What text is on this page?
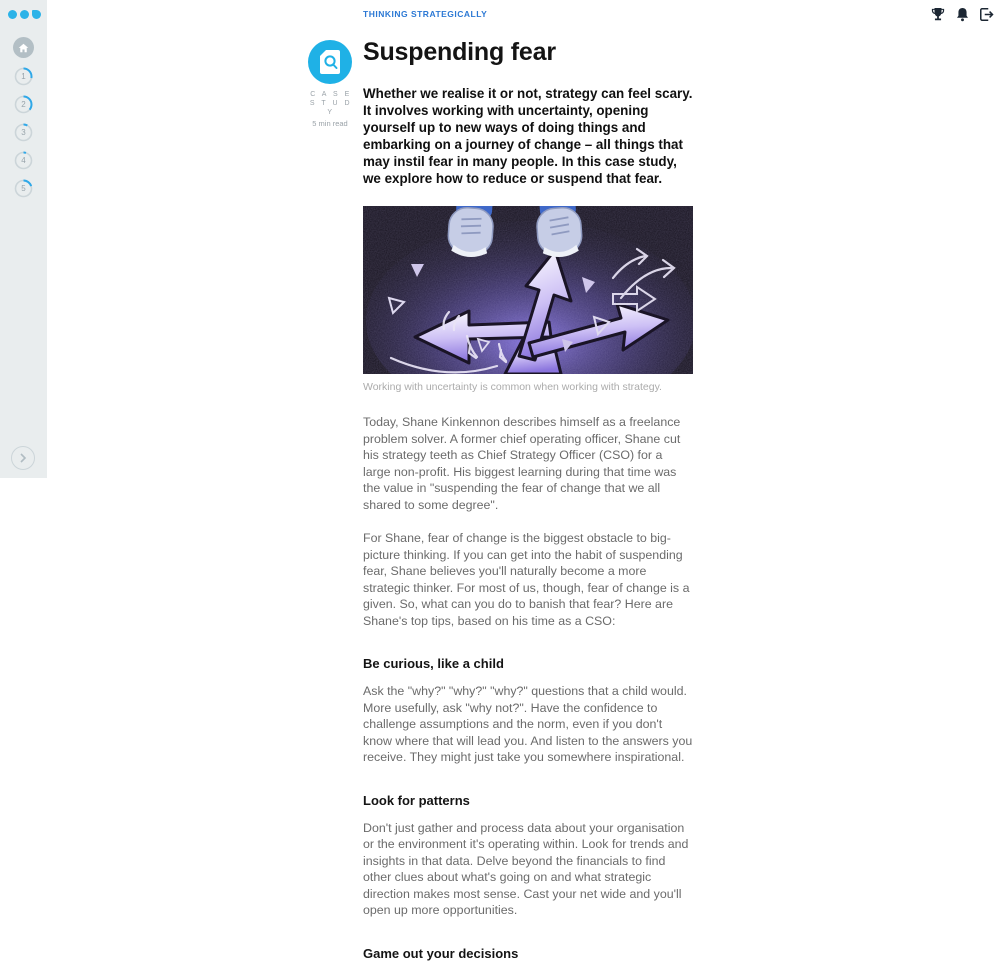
THINKING STRATEGICALLY
1
2
3
4
5
C A S E
S T U D Y
5 min read
Suspending fear

Whether we realise it or not, strategy can feel scary. It involves working with uncertainty, opening yourself up to new ways of doing things and embarking on a journey of change – all things that may instil fear in many people. In this case study, we explore how to reduce or suspend that fear.

Working with uncertainty is common when working with strategy.

Today, Shane Kinkennon describes himself as a freelance problem solver. A former chief operating officer, Shane cut his strategy teeth as Chief Strategy Officer (CSO) for a large non-profit. His biggest learning during that time was the value in "suspending the fear of change that we all shared to some degree".

For Shane, fear of change is the biggest obstacle to big-picture thinking. If you can get into the habit of suspending fear, Shane believes you'll naturally become a more strategic thinker. For most of us, though, fear of change is a given. So, what can you do to banish that fear? Here are Shane's top tips, based on his time as a CSO:

Be curious, like a child

Ask the "why?" "why?" "why?" questions that a child would. More usefully, ask "why not?". Have the confidence to challenge assumptions and the norm, even if you don't know where that will lead you. And listen to the answers you receive. They might just take you somewhere inspirational.

Look for patterns

Don't just gather and process data about your organisation or the environment it's operating within. Look for trends and insights in that data. Delve beyond the financials to find other clues about what's going on and what strategic direction makes most sense. Cast your net wide and you'll open up more opportunities.

Game out your decisions
